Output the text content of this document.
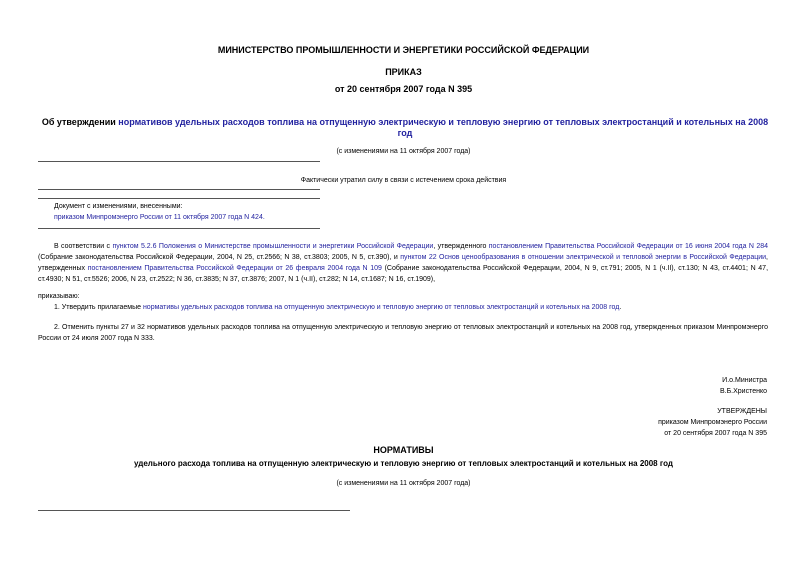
МИНИСТЕРСТВО ПРОМЫШЛЕННОСТИ И ЭНЕРГЕТИКИ РОССИЙСКОЙ ФЕДЕРАЦИИ
ПРИКАЗ
от 20 сентября 2007 года N 395
Об утверждении нормативов удельных расходов топлива на отпущенную электрическую и тепловую энергию от тепловых электростанций и котельных на 2008 год
(с изменениями на 11 октября 2007 года)
Фактически утратил силу в связи с истечением срока действия
Документ с изменениями, внесенными:
приказом Минпромэнерго России от 11 октября 2007 года N 424.
В соответствии с пунктом 5.2.6 Положения о Министерстве промышленности и энергетики Российской Федерации, утвержденного постановлением Правительства Российской Федерации от 16 июня 2004 года N 284 (Собрание законодательства Российской Федерации, 2004, N 25, ст.2566; N 38, ст.3803; 2005, N 5, ст.390), и пунктом 22 Основ ценообразования в отношении электрической и тепловой энергии в Российской Федерации, утвержденных постановлением Правительства Российской Федерации от 26 февраля 2004 года N 109 (Собрание законодательства Российской Федерации, 2004, N 9, ст.791; 2005, N 1 (ч.II), ст.130; N 43, ст.4401; N 47, ст.4930; N 51, ст.5526; 2006, N 23, ст.2522; N 36, ст.3835; N 37, ст.3876; 2007, N 1 (ч.II), ст.282; N 14, ст.1687; N 16, ст.1909),
приказываю:
1. Утвердить прилагаемые нормативы удельных расходов топлива на отпущенную электрическую и тепловую энергию от тепловых электростанций и котельных на 2008 год.
2. Отменить пункты 27 и 32 нормативов удельных расходов топлива на отпущенную электрическую и тепловую энергию от тепловых электростанций и котельных на 2008 год, утвержденных приказом Минпромэнерго России от 24 июля 2007 года N 333.
И.о.Министра
В.Б.Христенко
УТВЕРЖДЕНЫ
приказом Минпромэнерго России
от 20 сентября 2007 года N 395
НОРМАТИВЫ
удельного расхода топлива на отпущенную электрическую и тепловую энергию от тепловых электростанций и котельных на 2008 год
(с изменениями на 11 октября 2007 года)
